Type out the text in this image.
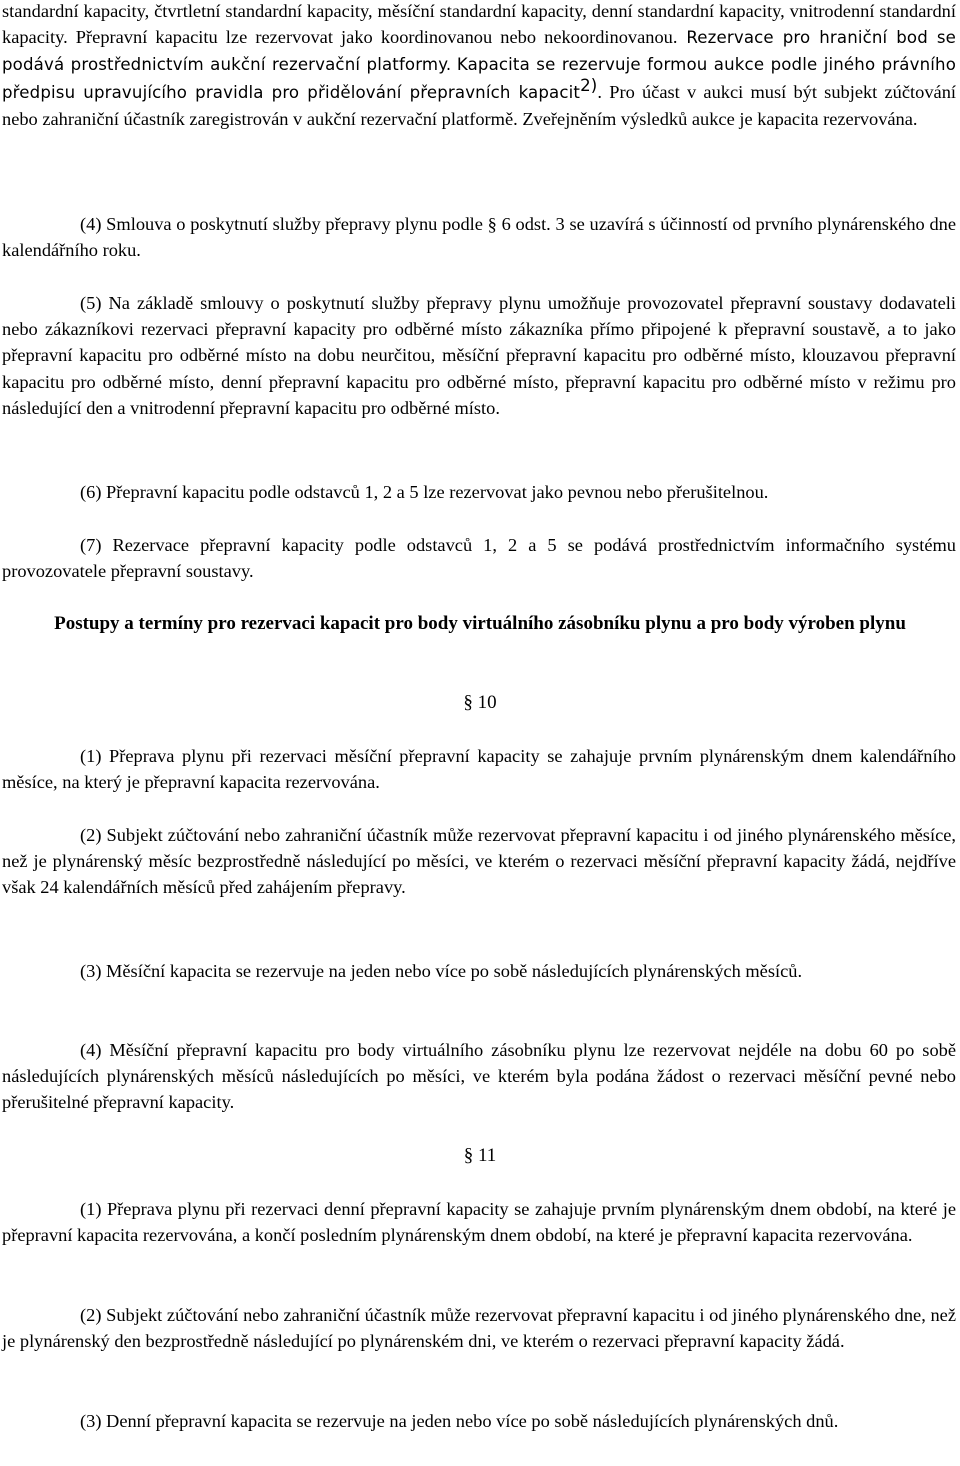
standardní kapacity, čtvrtletní standardní kapacity, měsíční standardní kapacity, denní standardní kapacity, vnitrodenní standardní kapacity. Přepravní kapacitu lze rezervovat jako koordinovanou nebo nekoordinovanou. Rezervace pro hraniční bod se podává prostřednictvím aukční rezervační platformy. Kapacita se rezervuje formou aukce podle jiného právního předpisu upravujícího pravidla pro přidělování přepravních kapacit$^{2)}$. Pro účast v aukci musí být subjekt zúčtování nebo zahraniční účastník zaregistrován v aukční rezervační platformě. Zveřejněním výsledků aukce je kapacita rezervována.

(4) Smlouva o poskytnutí služby přepravy plynu podle § 6 odst. 3 se uzavírá s účinností od prvního plynárenského dne kalendářního roku.

(5) Na základě smlouvy o poskytnutí služby přepravy plynu umožňuje provozovatel přepravní soustavy dodavateli nebo zákazníkovi rezervaci přepravní kapacity pro odběrné místo zákazníka přímo připojené k přepravní soustavě, a to jako přepravní kapacitu pro odběrné místo na dobu neurčitou, měsíční přepravní kapacitu pro odběrné místo, klouzavou přepravní kapacitu pro odběrné místo, denní přepravní kapacitu pro odběrné místo, přepravní kapacitu pro odběrné místo v režimu pro následující den a vnitrodenní přepravní kapacitu pro odběrné místo.

(6) Přepravní kapacitu podle odstavců 1, 2 a 5 lze rezervovat jako pevnou nebo přerušitelnou.

(7) Rezervace přepravní kapacity podle odstavců 1, 2 a 5 se podává prostřednictvím informačního systému provozovatele přepravní soustavy.

Postupy a termíny pro rezervaci kapacit pro body virtuálního zásobníku plynu a pro body výroben plynu

§ 10

(1) Přeprava plynu při rezervaci měsíční přepravní kapacity se zahajuje prvním plynárenským dnem kalendářního měsíce, na který je přepravní kapacita rezervována.

(2) Subjekt zúčtování nebo zahraniční účastník může rezervovat přepravní kapacitu i od jiného plynárenského měsíce, než je plynárenský měsíc bezprostředně následující po měsíci, ve kterém o rezervaci měsíční přepravní kapacity žádá, nejdříve však 24 kalendářních měsíců před zahájením přepravy.

(3) Měsíční kapacita se rezervuje na jeden nebo více po sobě následujících plynárenských měsíců.

(4) Měsíční přepravní kapacitu pro body virtuálního zásobníku plynu lze rezervovat nejdéle na dobu 60 po sobě následujících plynárenských měsíců následujících po měsíci, ve kterém byla podána žádost o rezervaci měsíční pevné nebo přerušitelné přepravní kapacity.

§ 11

(1) Přeprava plynu při rezervaci denní přepravní kapacity se zahajuje prvním plynárenským dnem období, na které je přepravní kapacita rezervována, a končí posledním plynárenským dnem období, na které je přepravní kapacita rezervována.

(2) Subjekt zúčtování nebo zahraniční účastník může rezervovat přepravní kapacitu i od jiného plynárenského dne, než je plynárenský den bezprostředně následující po plynárenském dni, ve kterém o rezervaci přepravní kapacity žádá.

(3) Denní přepravní kapacita se rezervuje na jeden nebo více po sobě následujících plynárenských dnů.
